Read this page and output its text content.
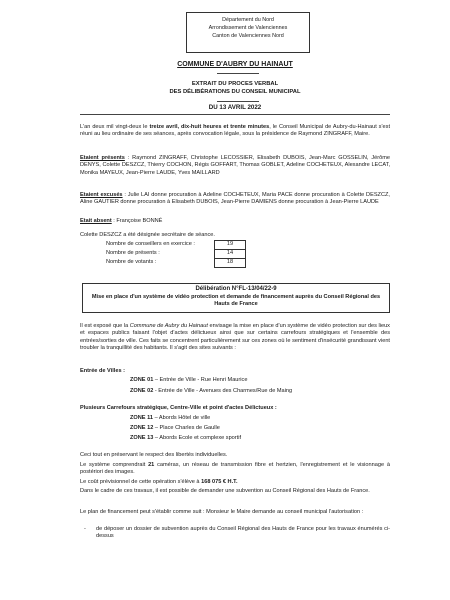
Département du Nord
Arrondissement de Valenciennes
Canton de Valenciennes Nord
COMMUNE D'AUBRY DU HAINAUT
EXTRAIT DU PROCES VERBAL
DES DÉLIBÉRATIONS DU CONSEIL MUNICIPAL
DU 13 AVRIL 2022
L'an deux mil vingt-deux le treize avril, dix-huit heures et trente minutes, le Conseil Municipal de Aubry-du-Hainaut s'est réuni au lieu ordinaire de ses séances, après convocation légale, sous la présidence de Raymond ZINGRAFF, Maire.
Etaient présents : Raymond ZINGRAFF, Christophe LECOSSIER, Elisabeth DUBOIS, Jean-Marc GOSSELIN, Jérôme DENYS, Colette DESZCZ, Thierry COCHON, Régis GOFFART, Thomas GOBLET, Adeline COCHETEUX, Alexandre LECAT, Monika MAYEUX, Jean-Pierre LAUDE, Yves MAILLARD
Etaient excusés : Julie LAI donne procuration à Adeline COCHETEUX, Maria PACE donne procuration à Colette DESZCZ, Aline GAUTIER donne procuration à Elisabeth DUBOIS, Jean-Pierre DAMIENS donne procuration à Jean-Pierre LAUDE
Etait absent : Françoise BONNÉ
Colette DESZCZ a été désignée secrétaire de séance.
Nombre de conseillers en exercice :	19
Nombre de présents :	14
Nombre de votants :	18
Délibération N°FL-13/04/22-9
Mise en place d'un système de vidéo protection et demande de financement auprès du Conseil Régional des Hauts de France
Il est exposé que la Commune de Aubry du Hainaut envisage la mise en place d'un système de vidéo protection sur des lieux et espaces publics faisant l'objet d'actes délictueux ainsi que sur certains carrefours stratégiques et l'ensemble des entrées/sorties de ville. Ces faits se concentrent particulièrement sur ces zones où le sentiment d'insécurité grandissant vient troubler la tranquillité des habitants. Il s'agit des sites suivants :
Entrée de Villes :
ZONE 01 – Entrée de Ville - Rue Henri Maurice
ZONE 02 - Entrée de Ville - Avenues des Charmes/Rue de Maing
Plusieurs Carrefours stratégique, Centre-Ville et point d'actes Délictueux :
ZONE 11 – Abords Hôtel de ville
ZONE 12 – Place Charles de Gaulle
ZONE 13 – Abords Ecole et complexe sportif
Ceci tout en préservant le respect des libertés individuelles.
Le système comprendrait 21 caméras, un réseau de transmission fibre et hertzien, l'enregistrement et le visionnage à postériori des images.
Le coût prévisionnel de cette opération s'élève à 168 075 € H.T.
Dans le cadre de ces travaux, il est possible de demander une subvention au Conseil Régional des Hauts de France.
Le plan de financement peut s'établir comme suit : Monsieur le Maire demande au conseil municipal l'autorisation :
- de déposer un dossier de subvention auprès du Conseil Régional des Hauts de France pour les travaux énumérés ci-dessus
